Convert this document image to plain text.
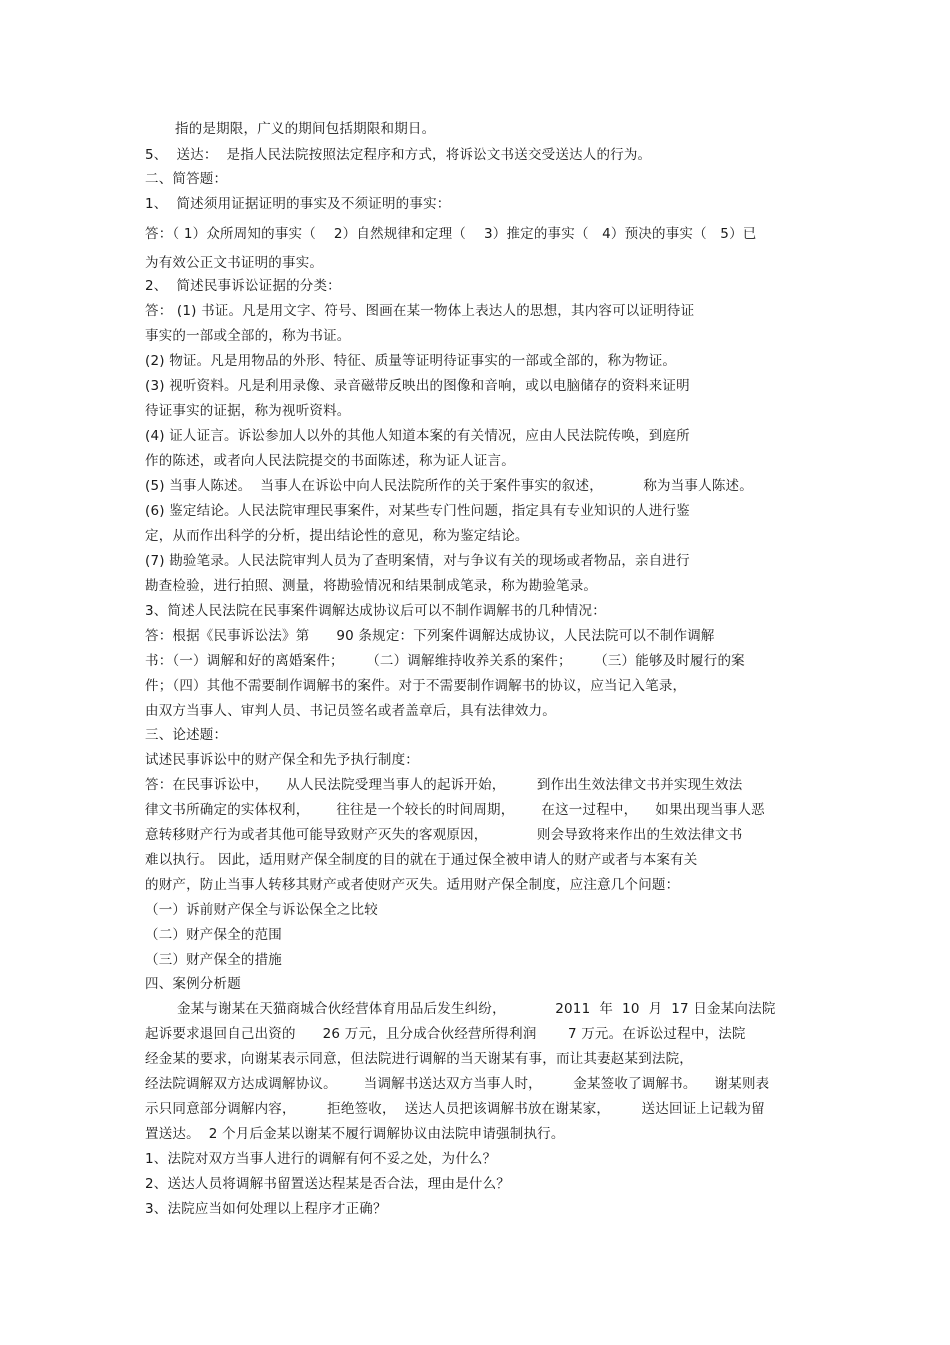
指的是期限，广义的期间包括期限和期日。
5、  送达：  是指人民法院按照法定程序和方式，将诉讼文书送交受送达人的行为。
二、简答题：
1、  简述须用证据证明的事实及不须证明的事实：
答：（ 1）众所周知的事实（    2）自然规律和定理（    3）推定的事实（   4）预决的事实（   5）已
为有效公正文书证明的事实。
2、  简述民事诉讼证据的分类：
答： (1) 书证。凡是用文字、符号、图画在某一物体上表达人的思想，其内容可以证明待证
事实的一部或全部的，称为书证。
(2) 物证。凡是用物品的外形、特征、质量等证明待证事实的一部或全部的，称为物证。
(3) 视听资料。凡是利用录像、录音磁带反映出的图像和音响，或以电脑储存的资料来证明
待证事实的证据，称为视听资料。
(4) 证人证言。诉讼参加人以外的其他人知道本案的有关情况，应由人民法院传唤，到庭所
作的陈述，或者向人民法院提交的书面陈述，称为证人证言。
(5) 当事人陈述。  当事人在诉讼中向人民法院所作的关于案件事实的叙述，         称为当事人陈述。
(6) 鉴定结论。人民法院审理民事案件，对某些专门性问题，指定具有专业知识的人进行鉴
定，从而作出科学的分析，提出结论性的意见，称为鉴定结论。
(7) 勘验笔录。人民法院审判人员为了查明案情，对与争议有关的现场或者物品，亲自进行
勘查检验，进行拍照、测量，将勘验情况和结果制成笔录，称为勘验笔录。
3、简述人民法院在民事案件调解达成协议后可以不制作调解书的几种情况：
答：根据《民事诉讼法》第      90 条规定：下列案件调解达成协议，人民法院可以不制作调解
书：（一）调解和好的离婚案件；     （二）调解维持收养关系的案件；     （三）能够及时履行的案
件；（四）其他不需要制作调解书的案件。对于不需要制作调解书的协议，应当记入笔录，
由双方当事人、审判人员、书记员签名或者盖章后，具有法律效力。
三、论述题：
试述民事诉讼中的财产保全和先予执行制度：
答：在民事诉讼中，    从人民法院受理当事人的起诉开始，       到作出生效法律文书并实现生效法
律文书所确定的实体权利，      往往是一个较长的时间周期，      在这一过程中，    如果出现当事人恶
意转移财产行为或者其他可能导致财产灭失的客观原因，           则会导致将来作出的生效法律文书
难以执行。 因此，适用财产保全制度的目的就在于通过保全被申请人的财产或者与本案有关
的财产，防止当事人转移其财产或者使财产灭失。适用财产保全制度，应注意几个问题：
（一）诉前财产保全与诉讼保全之比较
（二）财产保全的范围
（三）财产保全的措施
四、案例分析题
金某与谢某在天猫商城合伙经营体育用品后发生纠纷，           2011  年  10  月  17 日金某向法院
起诉要求退回自己出资的      26 万元，且分成合伙经营所得利润       7 万元。在诉讼过程中，法院
经金某的要求，向谢某表示同意，但法院进行调解的当天谢某有事，而让其妻赵某到法院，
经法院调解双方达成调解协议。      当调解书送达双方当事人时，       金某签收了调解书。    谢某则表
示只同意部分调解内容，       拒绝签收，  送达人员把该调解书放在谢某家，       送达回证上记载为留
置送达。  2 个月后金某以谢某不履行调解协议由法院申请强制执行。
1、法院对双方当事人进行的调解有何不妥之处，为什么？
2、送达人员将调解书留置送达程某是否合法，理由是什么？
3、法院应当如何处理以上程序才正确？
